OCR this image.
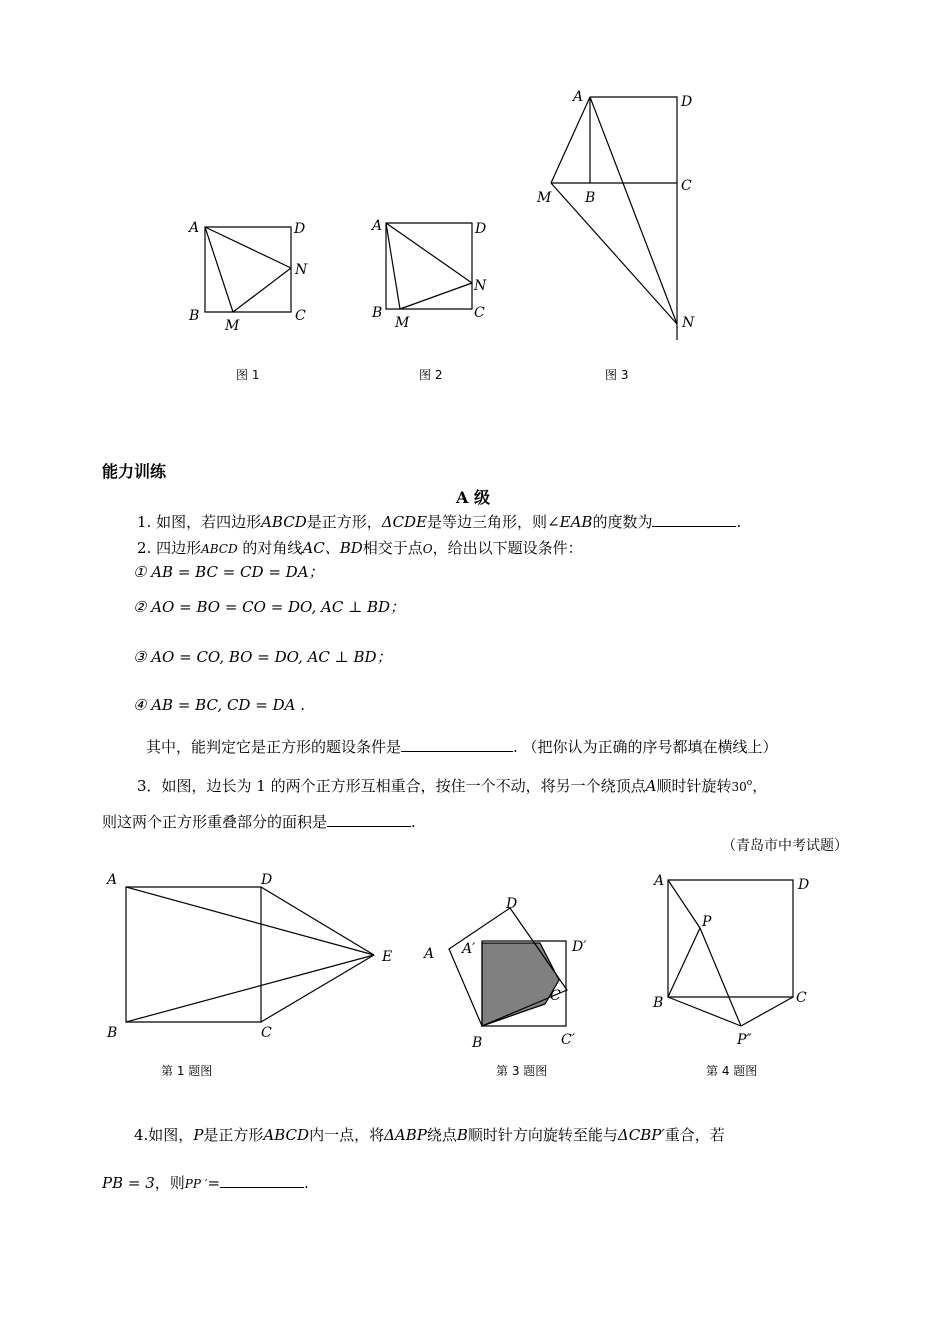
A	D
N
B
M
C
A	D
N
B
M
C
A	D
C
M B
N
图 1	图 2	图 3
能力训练
A 级
1. 如图，若四边形ABCD是正方形，ΔCDE是等边三角形，则∠EAB的度数为	.
2. 四边形ABCD 的对角线AC、BD相交于点O，给出以下题设条件：
① AB = BC = CD = DA；
② AO = BO = CO = DO, AC ⊥ BD；
③ AO = CO, BO = DO, AC ⊥ BD；
④ AB = BC, CD = DA .
其中，能判定它是正方形的题设条件是	. （把你认为正确的序号都填在横线上）
3．如图，边长为 1 的两个正方形互相重合，按住一个不动，将另一个绕顶点A顺时针旋转30$^o$，
则这两个正方形重叠部分的面积是	.
（青岛市中考试题）
A	D
E
B	C
D
A A′	D′
C
B	C′
A	D
P
B	C
P″
第 1 题图	第 3 题图	第 4 题图
4.如图，P是正方形ABCD内一点，将ΔABP绕点B顺时针方向旋转至能与ΔCBP′重合，若
PB = 3，则PP ′=	.
